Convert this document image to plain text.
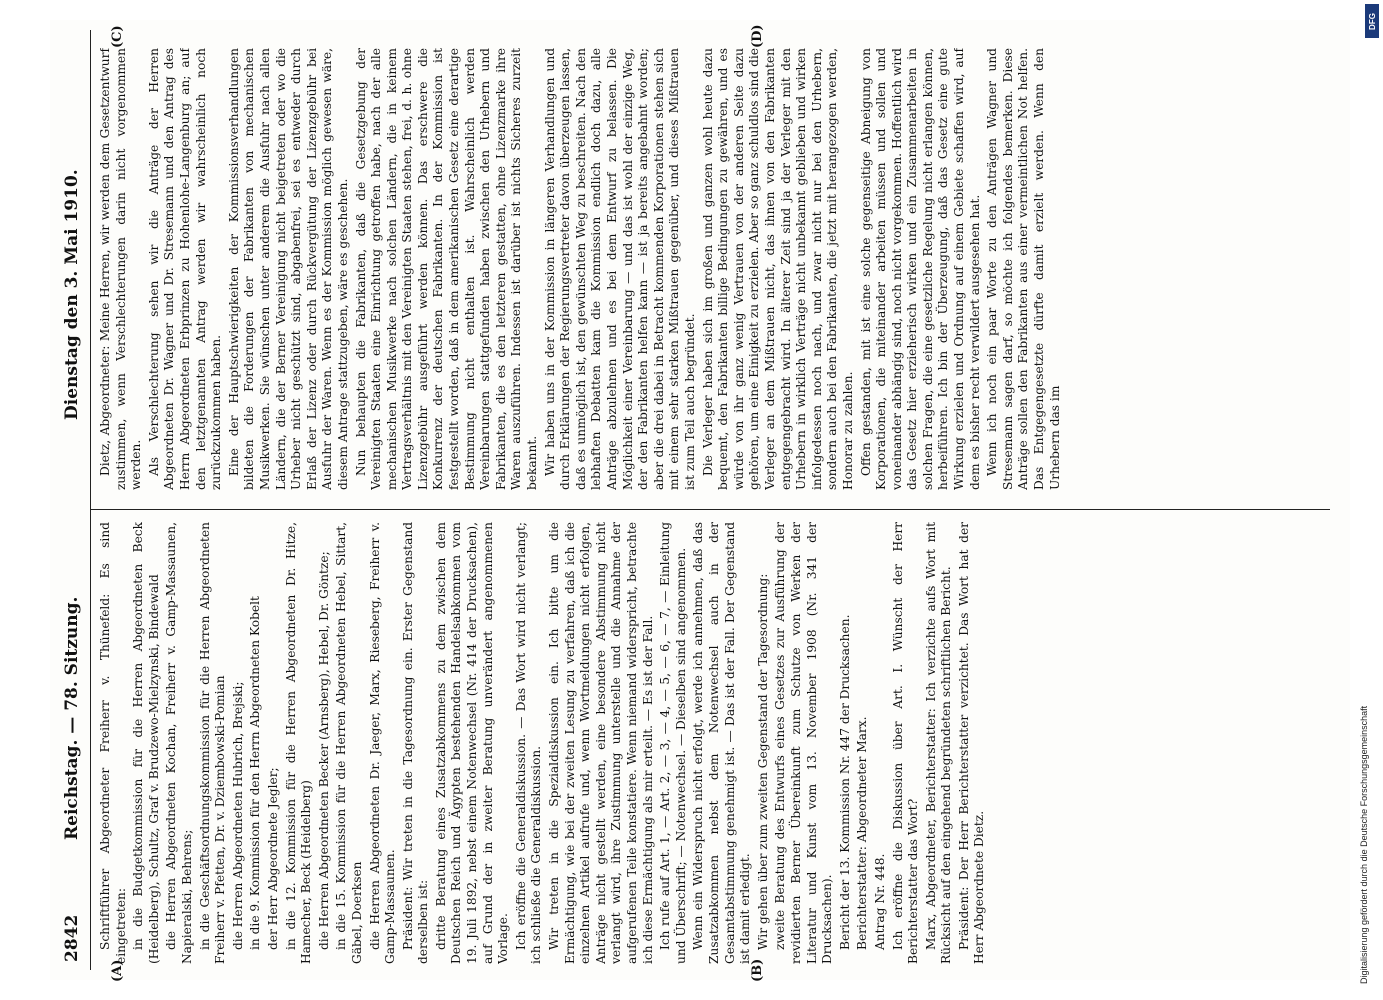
2842
Reichstag. — 78. Sitzung.
Dienstag den 3. Mai 1910.
(A)	(B)
(C)	(D)

Schriftführer Abgeordneter Freiherr v. Thünefeld: Es sind eingetreten: in die Budgetkommission für die Herren Abgeordneten Beck (Heidelberg), Schultz, Graf v. Brudzewo-Mielzynski, Bindewald die Herren Abgeordneten Kochan, Freiherr v. Gamp-Massaunen, Napieralski, Behrens; in die Geschäftsordnungskommission für die Herren Abgeordneten Freiherr v. Pfetten, Dr. v. Dziembowski-Pomian die Herren Abgeordneten Hubrich, Brejski; in die 9. Kommission für den Herrn Abgeordneten Kobelt der Herr Abgeordnete Jegler; in die 12. Kommission für die Herren Abgeordneten Dr. Hitze, Hamecher, Beck (Heidelberg) die Herren Abgeordneten Becker (Arnsberg), Hebel, Dr. Göntze; in die 15. Kommission für die Herren Abgeordneten Hebel, Sittart, Gäbel, Doerksen die Herren Abgeordneten Dr. Jaeger, Marx, Rieseberg, Freiherr v. Gamp-Massaunen. Präsident: Wir treten in die Tagesordnung ein. Erster Gegenstand derselben ist: dritte Beratung eines Zusatzabkommens zu dem zwischen dem Deutschen Reich und Ägypten bestehenden Handelsabkommen vom 19. Juli 1892, nebst einem Notenwechsel (Nr. 414 der Drucksachen), auf Grund der in zweiter Beratung unverändert angenommenen Vorlage. Ich eröffne die Generaldiskussion. — Das Wort wird nicht verlangt; ich schließe die Generaldiskussion. Wir treten in die Spezialdiskussion ein. Ich bitte um die Ermächtigung, wie bei der zweiten Lesung zu verfahren, daß ich die einzelnen Artikel aufrufe und, wenn Wortmeldungen nicht erfolgen, Anträge nicht gestellt werden, eine besondere Abstimmung nicht verlangt wird, ihre Zustimmung unterstelle und die Annahme der aufgerufenen Teile konstatiere. Wenn niemand widerspricht, betrachte ich diese Ermächtigung als mir erteilt. — Es ist der Fall. Ich rufe auf Art. 1, — Art. 2, — 3, — 4, — 5, — 6, — 7, — Einleitung und Überschrift; — Notenwechsel. — Dieselben sind angenommen. Wenn ein Widerspruch nicht erfolgt, werde ich annehmen, daß das Zusatzabkommen nebst dem Notenwechsel auch in der Gesamtabstimmung genehmigt ist. — Das ist der Fall. Der Gegenstand ist damit erledigt. Wir gehen über zum zweiten Gegenstand der Tagesordnung: zweite Beratung des Entwurfs eines Gesetzes zur Ausführung der revidierten Berner Übereinkunft zum Schutze von Werken der Literatur und Kunst vom 13. November 1908 (Nr. 341 der Drucksachen). Bericht der 13. Kommission Nr. 447 der Drucksachen. Berichterstatter: Abgeordneter Marx. Antrag Nr. 448. Ich eröffne die Diskussion über Art. I. Wünscht der Herr Berichterstatter das Wort? Marx, Abgeordneter, Berichterstatter: Ich verzichte aufs Wort mit Rücksicht auf den eingehend begründeten schriftlichen Bericht. Präsident: Der Herr Berichterstatter verzichtet. Das Wort hat der Herr Abgeordnete Dietz.

Dietz, Abgeordneter: Meine Herren, wir werden dem Gesetzentwurf zustimmen, wenn Verschlechterungen darin nicht vorgenommen werden. Als Verschlechterung sehen wir die Anträge der Herren Abgeordneten Dr. Wagner und Dr. Stresemann und den Antrag des Herrn Abgeordneten Erbprinzen zu Hohenlohe-Langenburg an; auf den letztgenannten Antrag werden wir wahrscheinlich noch zurückzukommen haben. Eine der Hauptschwierigkeiten der Kommissionsverhandlungen bildeten die Forderungen der Fabrikanten von mechanischen Musikwerken. Sie wünschen unter anderem die Ausfuhr nach allen Ländern, die der Berner Vereinigung nicht beigetreten oder wo die Urheber nicht geschützt sind, abgabenfrei, sei es entweder durch Erlaß der Lizenz oder durch Rückvergütung der Lizenzgebühr bei Ausfuhr der Waren. Wenn es der Kommission möglich gewesen wäre, diesem Antrage stattzugeben, wäre es geschehen. Nun behaupten die Fabrikanten, daß die Gesetzgebung der Vereinigten Staaten eine Einrichtung getroffen habe, nach der alle mechanischen Musikwerke nach solchen Ländern, die in keinem Vertragsverhältnis mit den Vereinigten Staaten stehen, frei, d. h. ohne Lizenzgebühr ausgeführt werden können. Das erschwere die Konkurrenz der deutschen Fabrikanten. In der Kommission ist festgestellt worden, daß in dem amerikanischen Gesetz eine derartige Bestimmung nicht enthalten ist. Wahrscheinlich werden Vereinbarungen stattgefunden haben zwischen den Urhebern und Fabrikanten, die es den letzteren gestatten, ohne Lizenzmarke ihre Waren auszuführen. Indessen ist darüber ist nichts Sicheres zurzeit bekannt. Wir haben uns in der Kommission in längeren Verhandlungen und durch Erklärungen der Regierungsvertreter davon überzeugen lassen, daß es unmöglich ist, den gewünschten Weg zu beschreiten. Nach den lebhaften Debatten kam die Kommission endlich doch dazu, alle Anträge abzulehnen und es bei dem Entwurf zu belassen. Die Möglichkeit einer Vereinbarung — und das ist wohl der einzige Weg, der den Fabrikanten helfen kann — ist ja bereits angebahnt worden; aber die drei dabei in Betracht kommenden Korporationen stehen sich mit einem sehr starken Mißtrauen gegenüber, und dieses Mißtrauen ist zum Teil auch begründet. Die Verleger haben sich im großen und ganzen wohl heute dazu bequemt, den Fabrikanten billige Bedingungen zu gewähren, und es würde von ihr ganz wenig Vertrauen von der anderen Seite dazu gehören, um eine Einigkeit zu erzielen. Aber so ganz schuldlos sind die Verleger an dem Mißtrauen nicht, das ihnen von den Fabrikanten entgegengebracht wird. In älterer Zeit sind ja der Verleger mit den Urhebern in wirklich Verträge nicht unbekannt geblieben und wirken infolgedessen noch nach, und zwar nicht nur bei den Urhebern, sondern auch bei den Fabrikanten, die jetzt mit herangezogen werden, Honorar zu zahlen. Offen gestanden, mit ist eine solche gegenseitige Abneigung von Korporationen, die miteinander arbeiten müssen und sollen und voneinander abhängig sind, noch nicht vorgekommen. Hoffentlich wird das Gesetz hier erzieherisch wirken und ein Zusammenarbeiten in solchen Fragen, die eine gesetzliche Regelung nicht erlangen können, herbeiführen. Ich bin der Überzeugung, daß das Gesetz eine gute Wirkung erzielen und Ordnung auf einem Gebiete schaffen wird, auf dem es bisher recht verwildert ausgesehen hat. Wenn ich noch ein paar Worte zu den Anträgen Wagner und Stresemann sagen darf, so möchte ich folgendes bemerken. Diese Anträge sollen den Fabrikanten aus einer vermeintlichen Not helfen. Das Entgegengesetzte dürfte damit erzielt werden. Wenn den Urhebern das im

DFG
Digitalisierung gefördert durch die Deutsche Forschungsgemeinschaft
